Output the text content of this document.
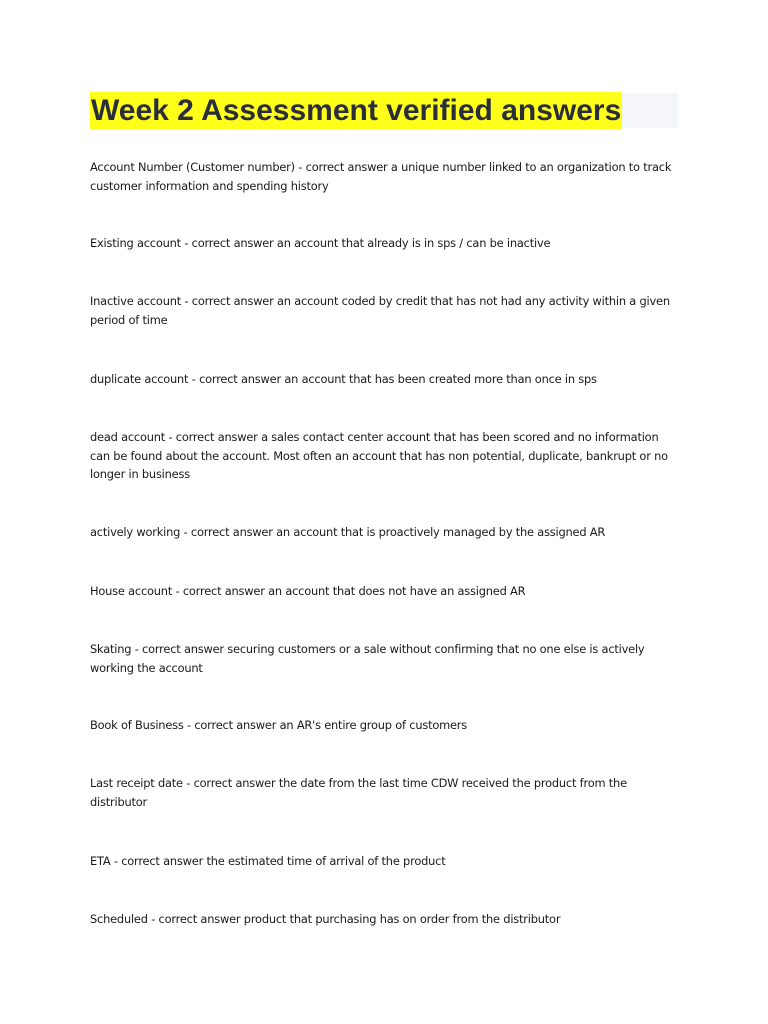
Week 2 Assessment verified answers

Account Number (Customer number) - correct answer a unique number linked to an organization to track customer information and spending history

Existing account - correct answer an account that already is in sps / can be inactive

Inactive account - correct answer an account coded by credit that has not had any activity within a given period of time

duplicate account - correct answer an account that has been created more than once in sps

dead account - correct answer a sales contact center account that has been scored and no information can be found about the account. Most often an account that has non potential, duplicate, bankrupt or no longer in business

actively working - correct answer an account that is proactively managed by the assigned AR

House account - correct answer an account that does not have an assigned AR

Skating - correct answer securing customers or a sale without confirming that no one else is actively working the account

Book of Business - correct answer an AR's entire group of customers

Last receipt date - correct answer the date from the last time CDW received the product from the distributor

ETA - correct answer the estimated time of arrival of the product

Scheduled - correct answer product that purchasing has on order from the distributor
